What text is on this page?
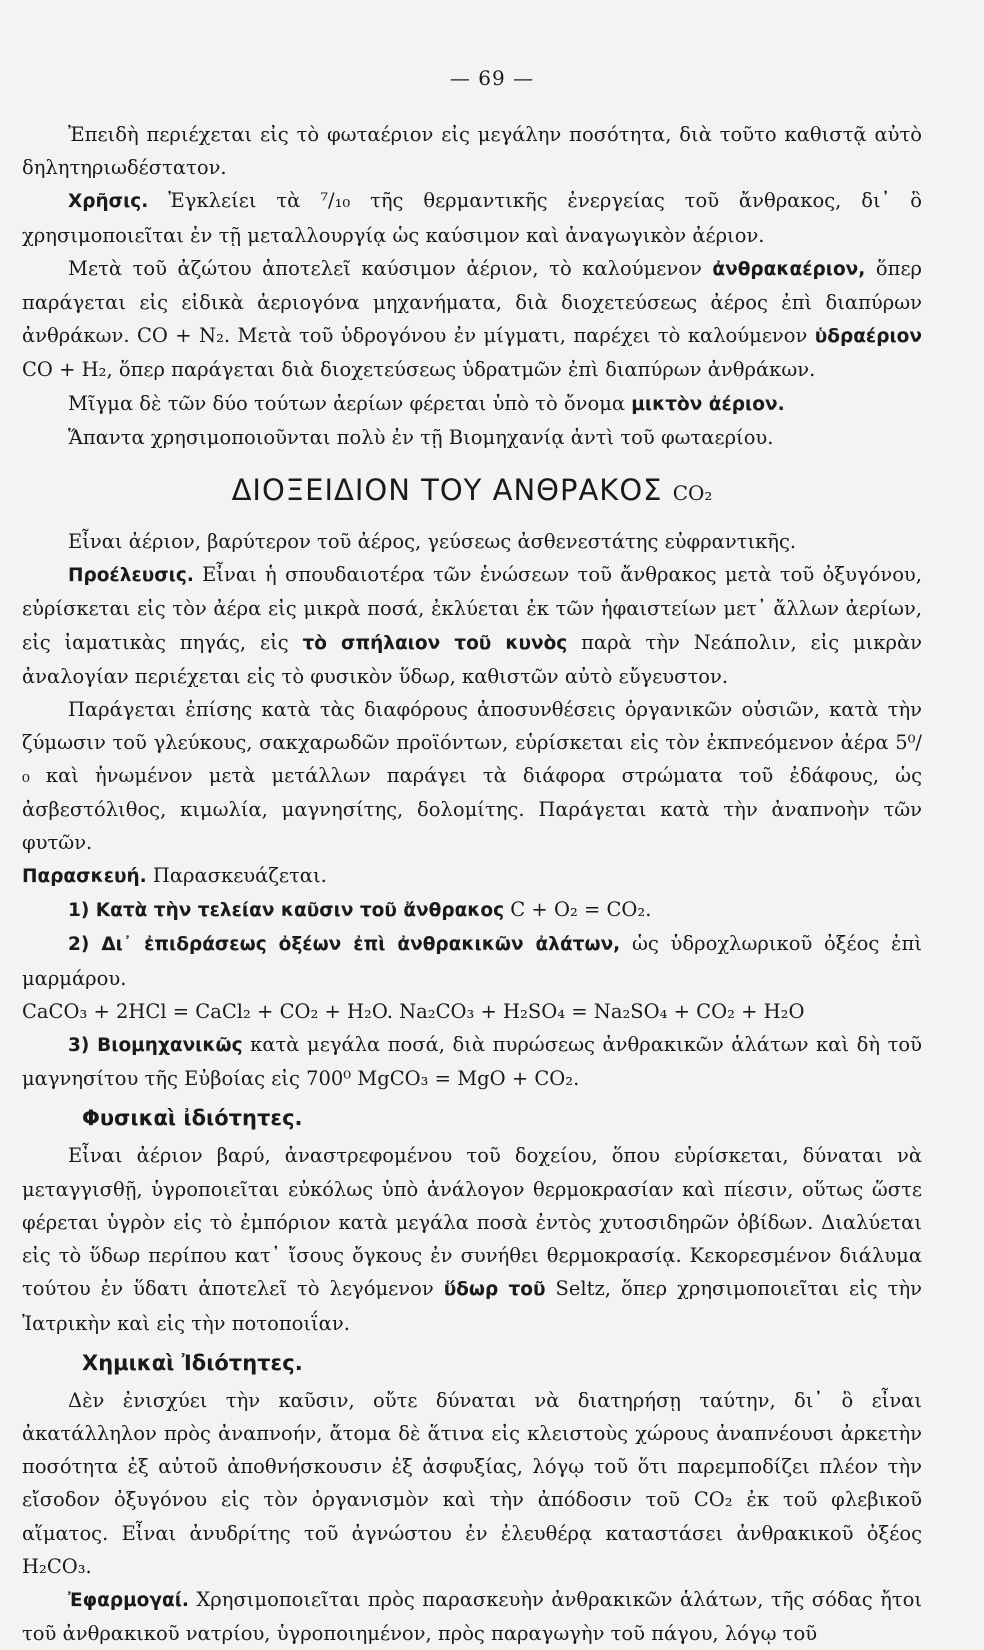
— 69 —

Ἐπειδὴ περιέχεται εἰς τὸ φωταέριον εἰς μεγάλην ποσότητα, διὰ τοῦτο καθιστᾷ αὐτὸ δηλητηριωδέστατον.

Χρῆσις. Ἐγκλείει τὰ ⁷/₁₀ τῆς θερμαντικῆς ἐνεργείας τοῦ ἄνθρακος, δι᾿ ὃ χρησιμοποιεῖται ἐν τῇ μεταλλουργίᾳ ὡς καύσιμον καὶ ἀναγωγικὸν ἀέριον.

Μετὰ τοῦ ἀζώτου ἀποτελεῖ καύσιμον ἀέριον, τὸ καλούμενον ἀνθρακαέριον, ὅπερ παράγεται εἰς εἰδικὰ ἀεριογόνα μηχανήματα, διὰ διοχετεύσεως ἀέρος ἐπὶ διαπύρων ἀνθράκων. CO + N₂. Μετὰ τοῦ ὑδρογόνου ἐν μίγματι, παρέχει τὸ καλούμενον ὑδραέριον CO + H₂, ὅπερ παράγεται διὰ διοχετεύσεως ὑδρατμῶν ἐπὶ διαπύρων ἀνθράκων.

Μῖγμα δὲ τῶν δύο τούτων ἀερίων φέρεται ὑπὸ τὸ ὄνομα μικτὸν ἀέριον.

Ἅπαντα χρησιμοποιοῦνται πολὺ ἐν τῇ Βιομηχανίᾳ ἀντὶ τοῦ φωταερίου.

ΔΙΟΞΕΙΔΙΟΝ ΤΟΥ ΑΝΘΡΑΚΟΣ CO₂

Εἶναι ἀέριον, βαρύτερον τοῦ ἀέρος, γεύσεως ἀσθενεστάτης εὐφραντικῆς.

Προέλευσις. Εἶναι ἡ σπουδαιοτέρα τῶν ἑνώσεων τοῦ ἄνθρακος μετὰ τοῦ ὀξυγόνου, εὑρίσκεται εἰς τὸν ἀέρα εἰς μικρὰ ποσά, ἐκλύεται ἐκ τῶν ἡφαιστείων μετ᾿ ἄλλων ἀερίων, εἰς ἰαματικὰς πηγάς, εἰς τὸ σπήλαιον τοῦ κυνὸς παρὰ τὴν Νεάπολιν, εἰς μικρὰν ἀναλογίαν περιέχεται εἰς τὸ φυσικὸν ὕδωρ, καθιστῶν αὐτὸ εὔγευστον.

Παράγεται ἐπίσης κατὰ τὰς διαφόρους ἀποσυνθέσεις ὀργανικῶν οὐσιῶν, κατὰ τὴν ζύμωσιν τοῦ γλεύκους, σακχαρωδῶν προϊόντων, εὑρίσκεται εἰς τὸν ἐκπνεόμενον ἀέρα 5⁰/₀ καὶ ἡνωμένον μετὰ μετάλλων παράγει τὰ διάφορα στρώματα τοῦ ἐδάφους, ὡς ἀσβεστόλιθος, κιμωλία, μαγνησίτης, δολομίτης. Παράγεται κατὰ τὴν ἀναπνοὴν τῶν φυτῶν.

Παρασκευή. Παρασκευάζεται.

1) Κατὰ τὴν τελείαν καῦσιν τοῦ ἄνθρακος C + O₂ = CO₂.

2) Δι᾿ ἐπιδράσεως ὀξέων ἐπὶ ἀνθρακικῶν ἀλάτων, ὡς ὑδροχλωρικοῦ ὀξέος ἐπὶ μαρμάρου.

CaCO₃ + 2HCl = CaCl₂ + CO₂ + H₂O. Na₂CO₃ + H₂SO₄ = Na₂SO₄ + CO₂ + H₂O

3) Βιομηχανικῶς κατὰ μεγάλα ποσά, διὰ πυρώσεως ἀνθρακικῶν ἁλάτων καὶ δὴ τοῦ μαγνησίτου τῆς Εὐβοίας εἰς 700⁰ MgCO₃ = MgO + CO₂.

Φυσικαὶ ἰδιότητες.

Εἶναι ἀέριον βαρύ, ἀναστρεφομένου τοῦ δοχείου, ὅπου εὑρίσκεται, δύναται νὰ μεταγγισθῇ, ὑγροποιεῖται εὐκόλως ὑπὸ ἀνάλογον θερμοκρασίαν καὶ πίεσιν, οὕτως ὥστε φέρεται ὑγρὸν εἰς τὸ ἐμπόριον κατὰ μεγάλα ποσὰ ἐντὸς χυτοσιδηρῶν ὀβίδων. Διαλύεται εἰς τὸ ὕδωρ περίπου κατ᾿ ἴσους ὄγκους ἐν συνήθει θερμοκρασίᾳ. Κεκορεσμένον διάλυμα τούτου ἐν ὕδατι ἀποτελεῖ τὸ λεγόμενον ὕδωρ τοῦ Seltz, ὅπερ χρησιμοποιεῖται εἰς τὴν Ἰατρικὴν καὶ εἰς τὴν ποτοποιΐαν.

Χημικαὶ Ἰδιότητες.

Δὲν ἐνισχύει τὴν καῦσιν, οὔτε δύναται νὰ διατηρήσῃ ταύτην, δι᾿ ὃ εἶναι ἀκατάλληλον πρὸς ἀναπνοήν, ἄτομα δὲ ἅτινα εἰς κλειστοὺς χώρους ἀναπνέουσι ἀρκετὴν ποσότητα ἐξ αὐτοῦ ἀποθνήσκουσιν ἐξ ἀσφυξίας, λόγῳ τοῦ ὅτι παρεμποδίζει πλέον τὴν εἴσοδον ὀξυγόνου εἰς τὸν ὀργανισμὸν καὶ τὴν ἀπόδοσιν τοῦ CO₂ ἐκ τοῦ φλεβικοῦ αἵματος. Εἶναι ἀνυδρίτης τοῦ ἀγνώστου ἐν ἐλευθέρᾳ καταστάσει ἀνθρακικοῦ ὀξέος H₂CO₃.

Ἐφαρμογαί. Χρησιμοποιεῖται πρὸς παρασκευὴν ἀνθρακικῶν ἁλάτων, τῆς σόδας ἤτοι τοῦ ἀνθρακικοῦ νατρίου, ὑγροποιημένον, πρὸς παραγωγὴν τοῦ πάγου, λόγῳ τοῦ
